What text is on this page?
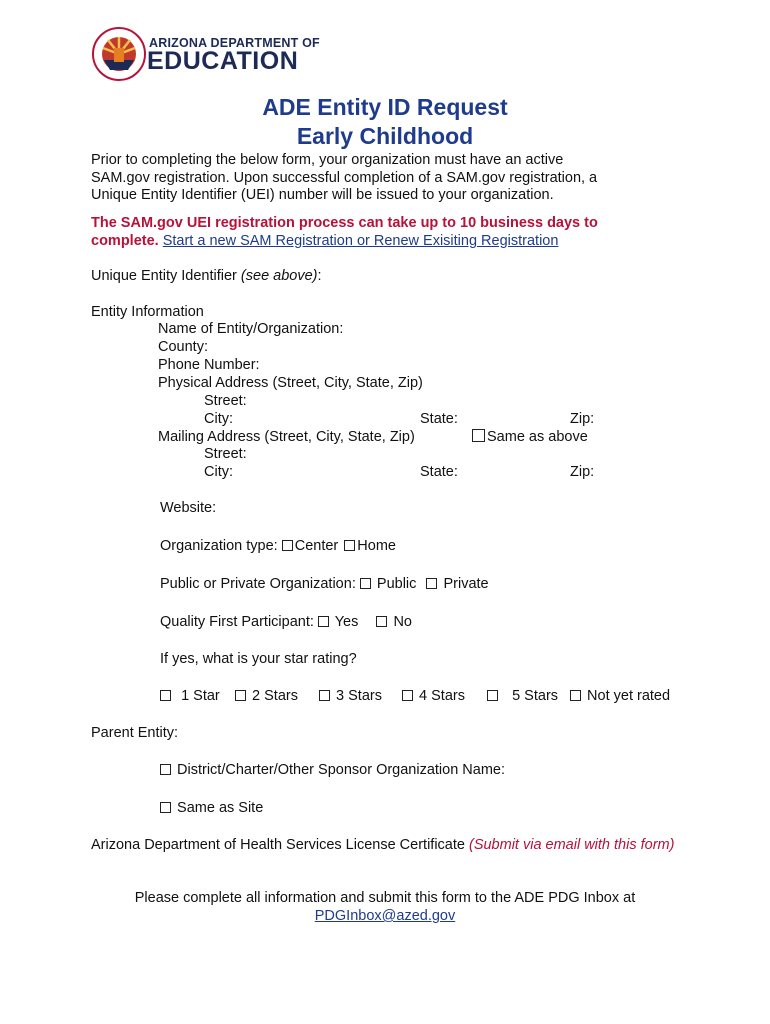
ARIZONA DEPARTMENT OF
EDUCATION
ADE Entity ID Request
Early Childhood
Prior to completing the below form, your organization must have an active
SAM.gov registration. Upon successful completion of a SAM.gov registration, a
Unique Entity Identifier (UEI) number will be issued to your organization.
The SAM.gov UEI registration process can take up to 10 business days to
complete. Start a new SAM Registration or Renew Exisiting Registration
Unique Entity Identifier (see above):
Entity Information
Name of Entity/Organization:
County:
Phone Number:
Physical Address (Street, City, State, Zip)
Street:
City:	State:	Zip:
Mailing Address (Street, City, State, Zip)	Same as above
Street:
City:	State:	Zip:
Website:
Organization type: Center Home
Public or Private Organization:  Public Private
Quality First Participant:  Yes No
If yes, what is your star rating?
1 Star	2 Stars	3 Stars	4 Stars	5 Stars	Not yet rated
Parent Entity:
District/Charter/Other Sponsor Organization Name:
Same as Site
Arizona Department of Health Services License Certificate (Submit via email with this form)
Please complete all information and submit this form to the ADE PDG Inbox at
PDGInbox@azed.gov
